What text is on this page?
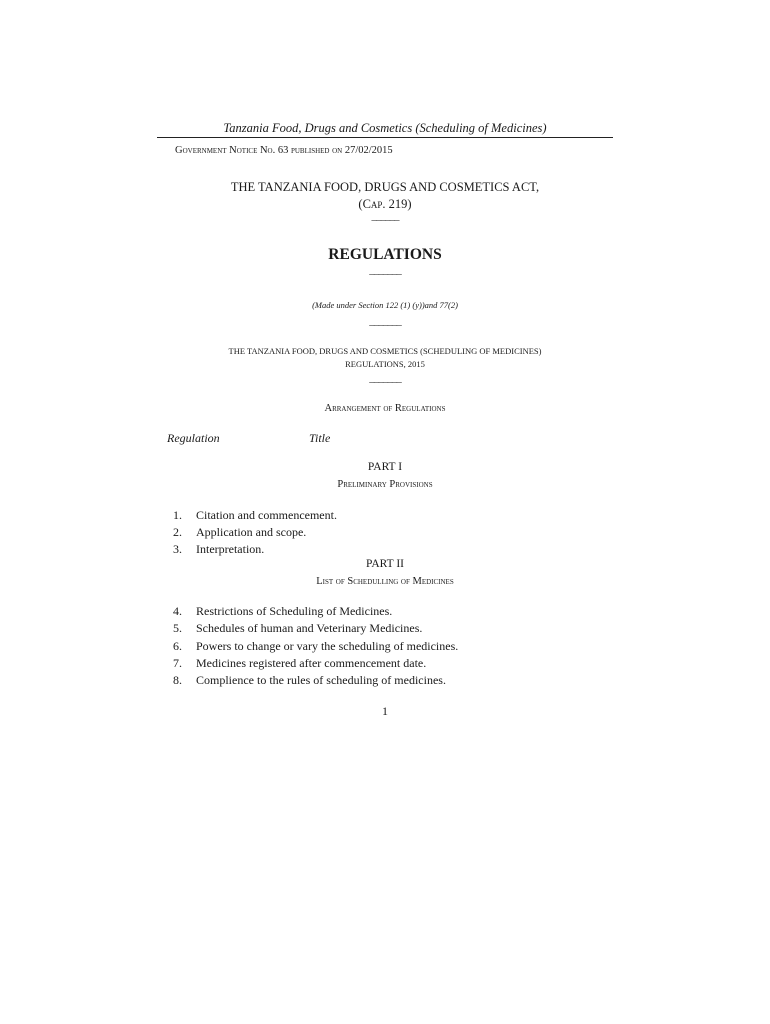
Tanzania Food, Drugs and Cosmetics (Scheduling of Medicines)
Government Notice No. 63 published on 27/02/2015
THE TANZANIA FOOD, DRUGS AND COSMETICS ACT,
(Cap. 219)
______
REGULATIONS
_______
(Made under Section 122 (1) (y))and 77(2)
_______
THE TANZANIA FOOD, DRUGS AND COSMETICS (SCHEDULING OF MEDICINES)
REGULATIONS, 2015
_______
Arrangement of Regulations
Regulation	Title
PART I
Preliminary Provisions
1. Citation and commencement.
2. Application and scope.
3. Interpretation.
PART II
List of Schedulling of Medicines
4. Restrictions of Scheduling of Medicines.
5. Schedules of human and Veterinary Medicines.
6. Powers to change or vary the scheduling of medicines.
7. Medicines registered after commencement date.
8. Complience to the rules of scheduling of medicines.
1
